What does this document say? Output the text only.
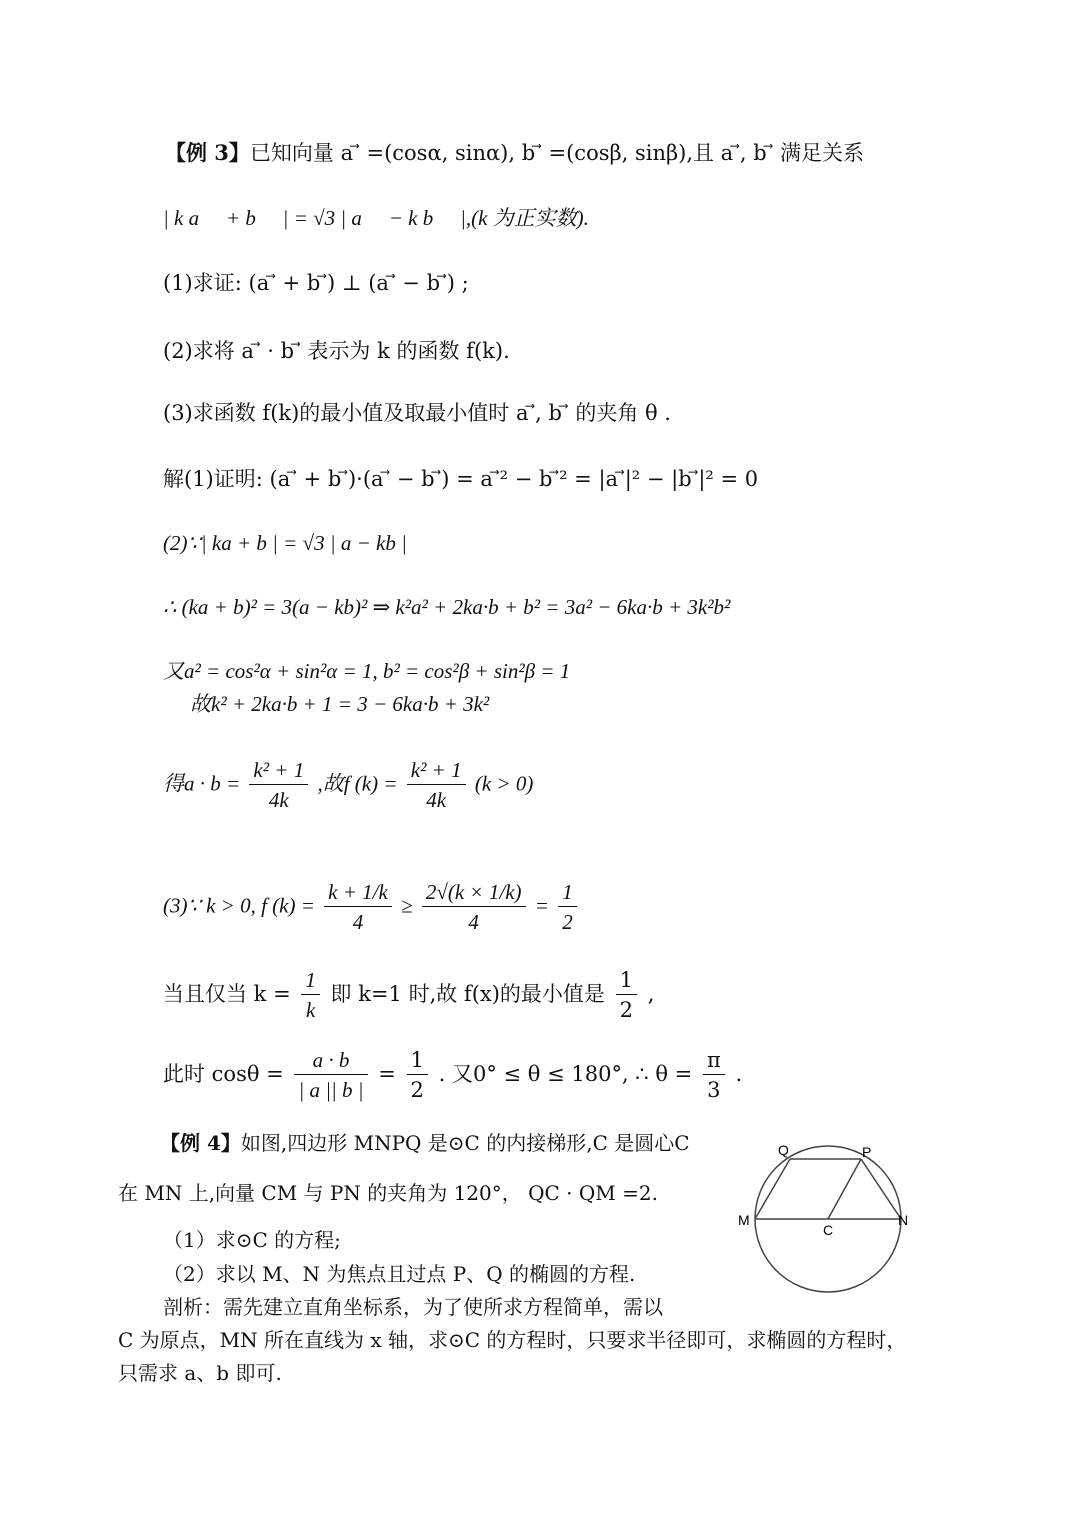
【例 3】已知向量 a ⃗ =(cosα, sinα), b ⃗ =(cosβ, sinβ),且 a ⃗, b ⃗ 满足关系
| k a ⃗ + b ⃗ | = √3 | a ⃗ − k b ⃗ |,(k 为正实数).
(1)求证: (a ⃗ + b ⃗) ⊥ (a ⃗ − b ⃗) ;
(2)求将 a ⃗ · b ⃗ 表示为 k 的函数 f(k).
(3)求函数 f(k)的最小值及取最小值时 a ⃗, b ⃗ 的夹角 θ .
解(1)证明: (a ⃗ + b ⃗)·(a ⃗ − b ⃗) = a ⃗² − b ⃗² = |a ⃗|² − |b ⃗|² = 0
(2)∵| ka + b | = √3 | a − kb |
∴ (ka + b)² = 3(a − kb)² ⇒ k²a² + 2ka·b + b² = 3a² − 6ka·b + 3k²b²
又a² = cos²α + sin²α = 1, b² = cos²β + sin²β = 1
故k² + 2ka·b + 1 = 3 − 6ka·b + 3k²
得$a \cdot b = \frac{\text{k² + 1}}{4k}$ ,故f $(k) = \frac{\text{k² + 1}}{4k} (k > 0)$
(3)∵ k > 0, f $(k) = \frac{k + 1/k}{4} \ge \frac{2√(k \times 1/k)}{4} = \frac{1}{2}$
当且仅当 $k = \frac{1}{k}$ 即 k=1 时,故 f(x)的最小值是 $\frac{1}{2}$ ,
此时 $\cos\theta = \frac{a \cdot b}{| a || b |} = \frac{1}{2}$ . 又0° ≤ θ ≤ 180°, ∴ $\theta = \frac{\pi}{3}$ .
【例 4】如图,四边形 MNPQ 是⊙C 的内接梯形,C 是圆心C
在 MN 上,向量 CM 与 PN 的夹角为 120°， QC · QM =2.
（1）求⊙C 的方程;
（2）求以 M、N 为焦点且过点 P、Q 的椭圆的方程.
剖析：需先建立直角坐标系，为了使所求方程简单，需以
C 为原点，MN 所在直线为 x 轴，求⊙C 的方程时，只要求半径即可，求椭圆的方程时，
只需求 a、b 即可.
Q	P
M
C
N
